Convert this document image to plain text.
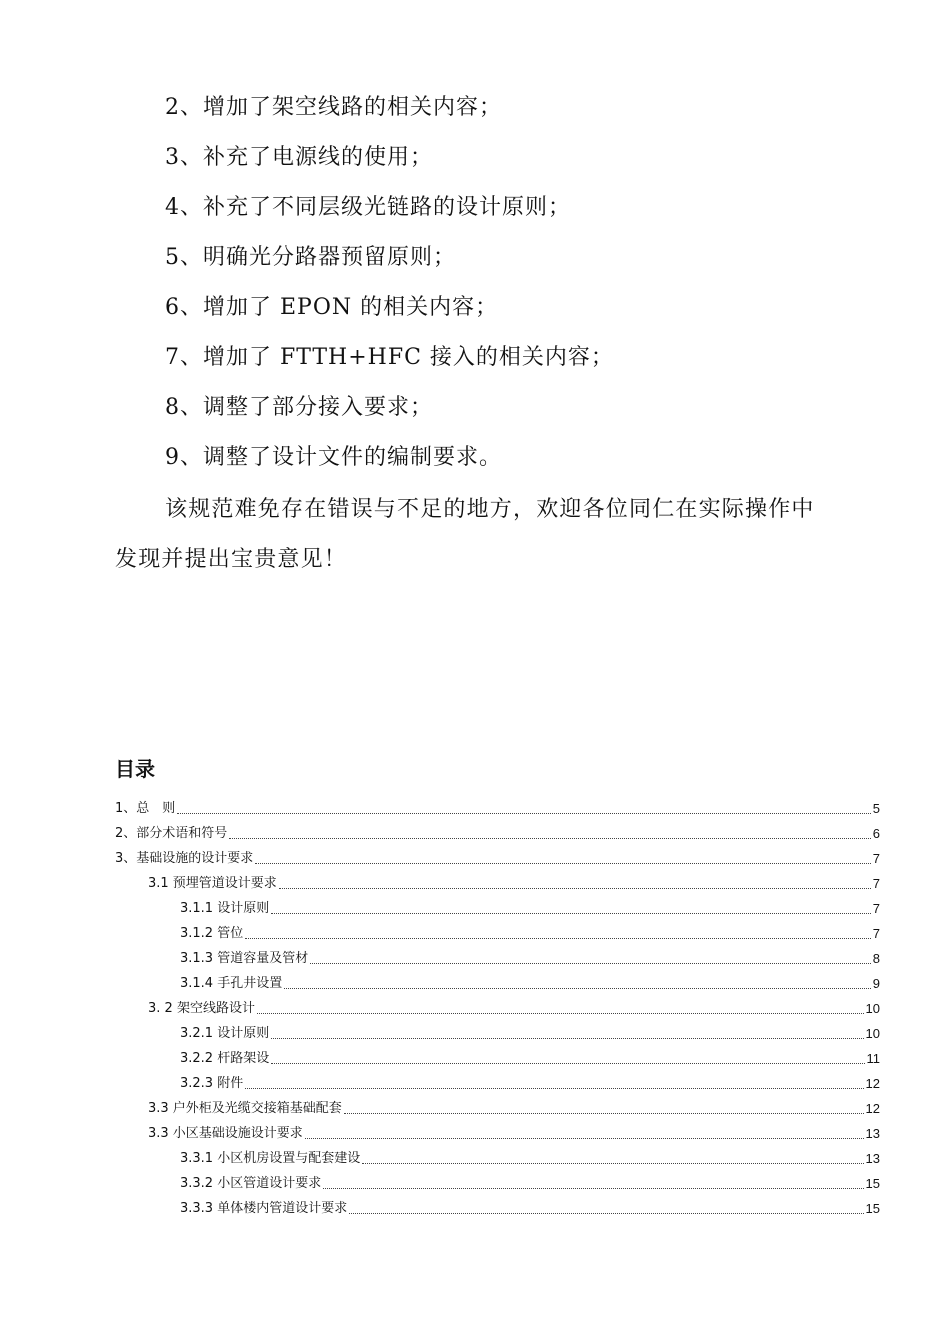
2、增加了架空线路的相关内容；
3、补充了电源线的使用；
4、补充了不同层级光链路的设计原则；
5、明确光分路器预留原则；
6、增加了 EPON 的相关内容；
7、增加了 FTTH+HFC 接入的相关内容；
8、调整了部分接入要求；
9、调整了设计文件的编制要求。
该规范难免存在错误与不足的地方，欢迎各位同仁在实际操作中
发现并提出宝贵意见！
目录
1、总　则	5
2、部分术语和符号	6
3、基础设施的设计要求	7
3.1 预埋管道设计要求	7
3.1.1 设计原则	7
3.1.2 管位	7
3.1.3 管道容量及管材	8
3.1.4 手孔井设置	9
3. 2 架空线路设计	10
3.2.1 设计原则	10
3.2.2 杆路架设	11
3.2.3 附件	12
3.3 户外柜及光缆交接箱基础配套	12
3.3 小区基础设施设计要求	13
3.3.1 小区机房设置与配套建设	13
3.3.2 小区管道设计要求	15
3.3.3 单体楼内管道设计要求	15
